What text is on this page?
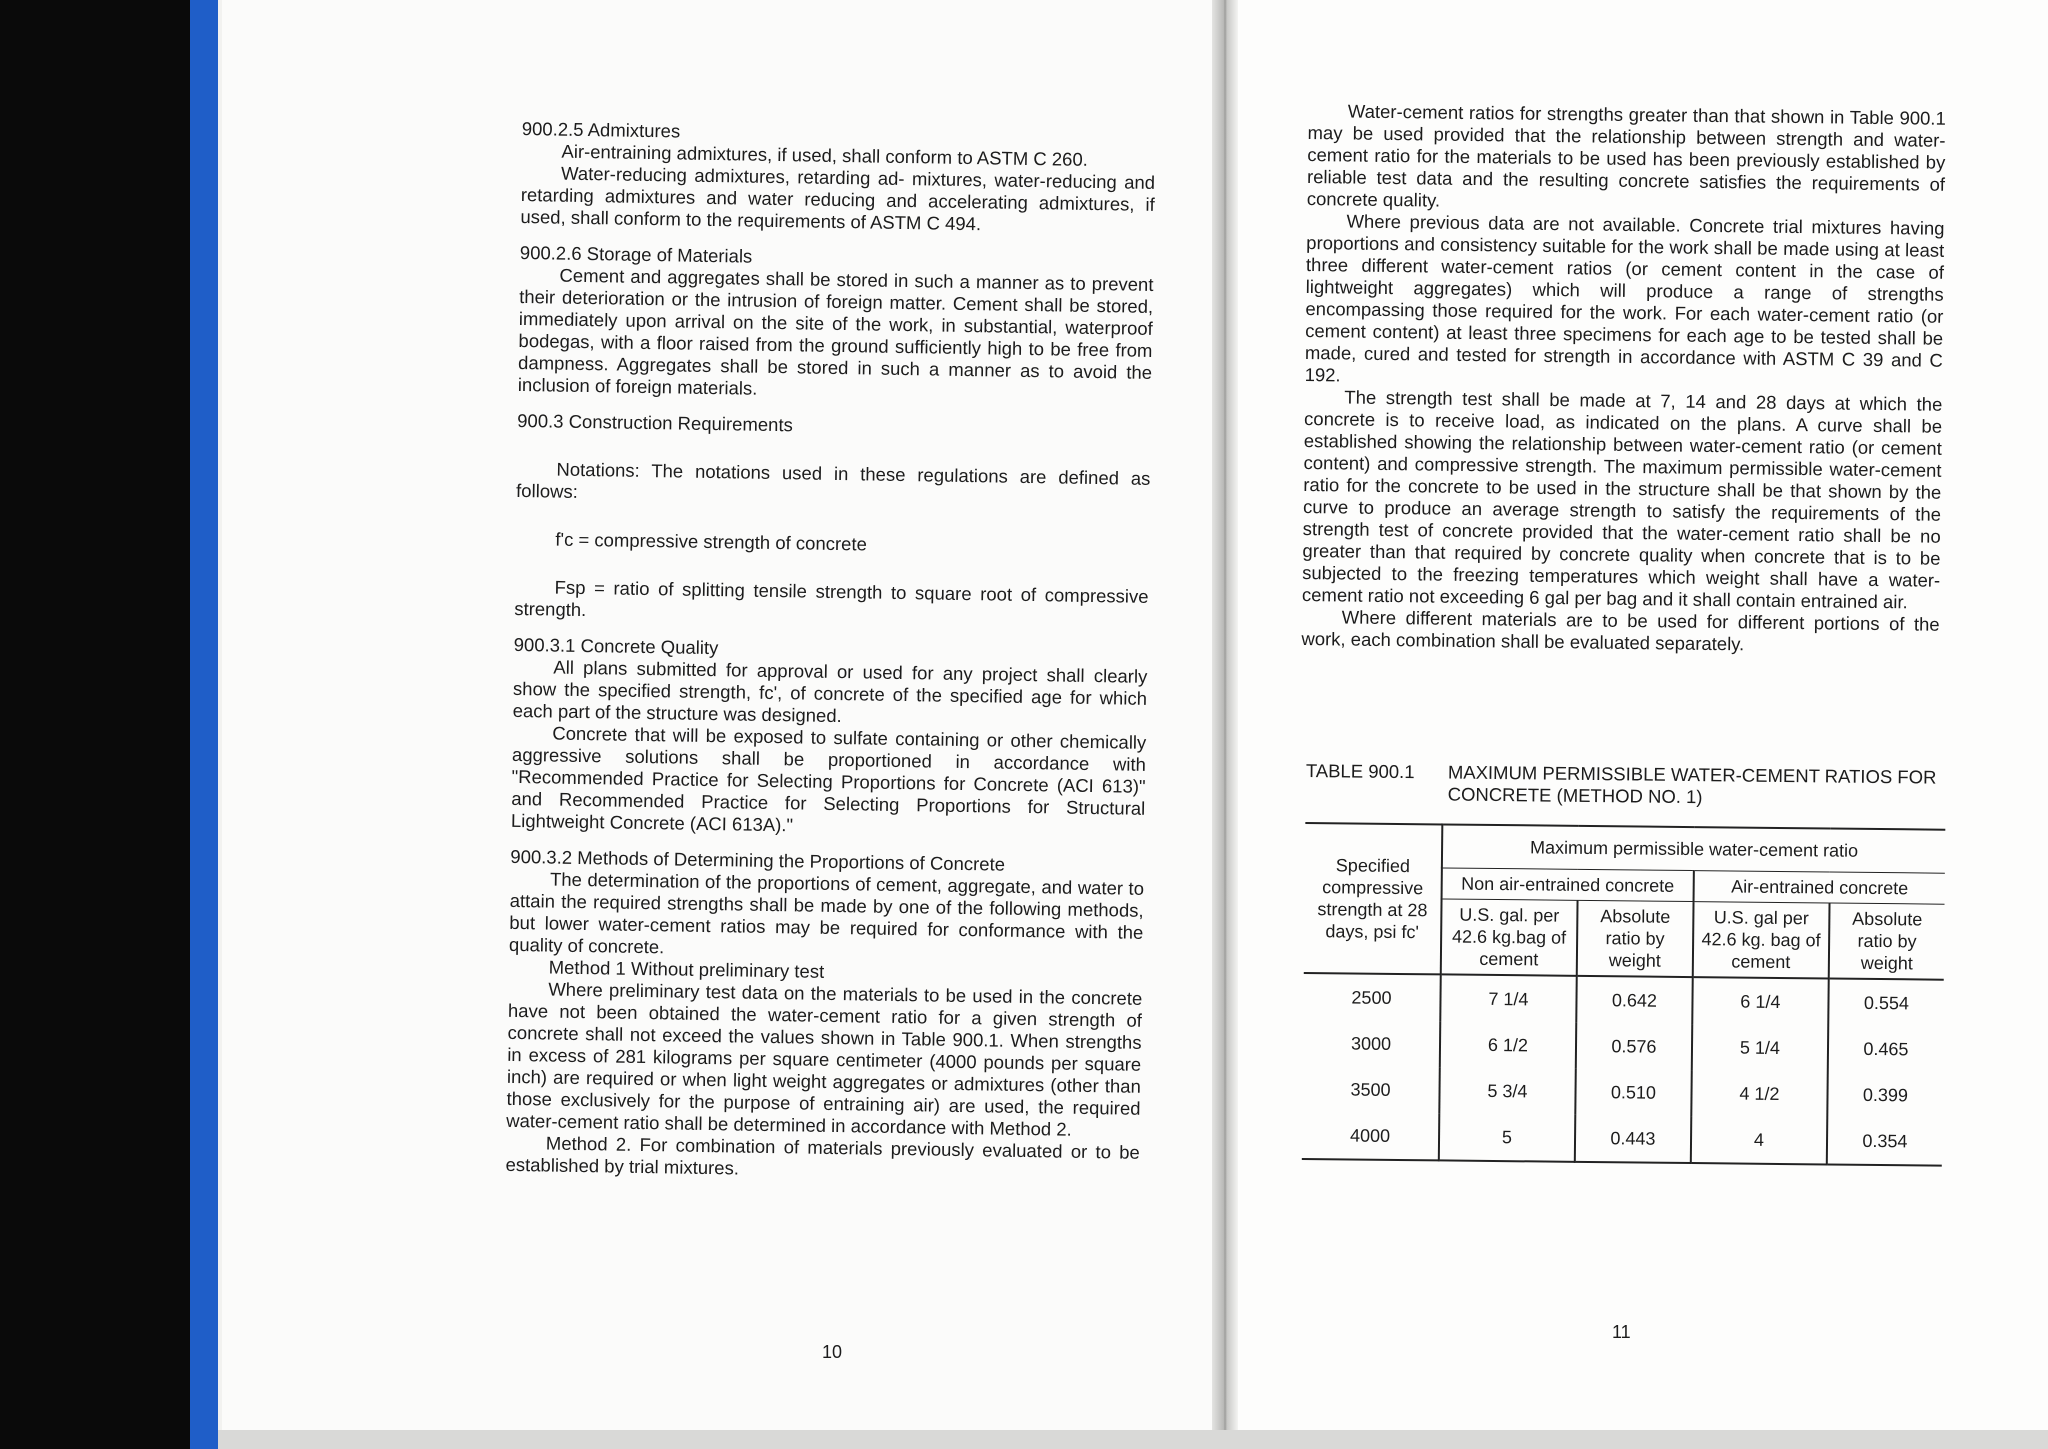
900.2.5 Admixtures

Air-entraining admixtures, if used, shall conform to ASTM C 260.

Water-reducing admixtures, retarding ad- mixtures, water-reducing and retarding admixtures and water reducing and accelerating admixtures, if used, shall conform to the requirements of ASTM C 494.

900.2.6 Storage of Materials

Cement and aggregates shall be stored in such a manner as to prevent their deterioration or the intrusion of foreign matter. Cement shall be stored, immediately upon arrival on the site of the work, in substantial, waterproof bodegas, with a floor raised from the ground sufficiently high to be free from dampness. Aggregates shall be stored in such a manner as to avoid the inclusion of foreign materials.

900.3 Construction Requirements

Notations: The notations used in these regulations are defined as follows:

f'c = compressive strength of concrete

Fsp = ratio of splitting tensile strength to square root of compressive strength.

900.3.1 Concrete Quality

All plans submitted for approval or used for any project shall clearly show the specified strength, fc', of concrete of the specified age for which each part of the structure was designed.

Concrete that will be exposed to sulfate containing or other chemically aggressive solutions shall be proportioned in accordance with "Recommended Practice for Selecting Proportions for Concrete (ACI 613)" and Recommended Practice for Selecting Proportions for Structural Lightweight Concrete (ACI 613A)."

900.3.2 Methods of Determining the Proportions of Concrete

The determination of the proportions of cement, aggregate, and water to attain the required strengths shall be made by one of the following methods, but lower water-cement ratios may be required for conformance with the quality of concrete.

Method 1 Without preliminary test

Where preliminary test data on the materials to be used in the concrete have not been obtained the water-cement ratio for a given strength of concrete shall not exceed the values shown in Table 900.1. When strengths in excess of 281 kilograms per square centimeter (4000 pounds per square inch) are required or when light weight aggregates or admixtures (other than those exclusively for the purpose of entraining air) are used, the required water-cement ratio shall be determined in accordance with Method 2.

Method 2. For combination of materials previously evaluated or to be established by trial mixtures.

10

Water-cement ratios for strengths greater than that shown in Table 900.1 may be used provided that the relationship between strength and water-cement ratio for the materials to be used has been previously established by reliable test data and the resulting concrete satisfies the requirements of concrete quality.

Where previous data are not available. Concrete trial mixtures having proportions and consistency suitable for the work shall be made using at least three different water-cement ratios (or cement content in the case of lightweight aggregates) which will produce a range of strengths encompassing those required for the work. For each water-cement ratio (or cement content) at least three specimens for each age to be tested shall be made, cured and tested for strength in accordance with ASTM C 39 and C 192.

The strength test shall be made at 7, 14 and 28 days at which the concrete is to receive load, as indicated on the plans. A curve shall be established showing the relationship between water-cement ratio (or cement content) and compressive strength. The maximum permissible water-cement ratio for the concrete to be used in the structure shall be that shown by the curve to produce an average strength to satisfy the requirements of the strength test of concrete provided that the water-cement ratio shall be no greater than that required by concrete quality when concrete that is to be subjected to the freezing temperatures which weight shall have a water-cement ratio not exceeding 6 gal per bag and it shall contain entrained air.

Where different materials are to be used for different portions of the work, each combination shall be evaluated separately.

TABLE 900.1	MAXIMUM PERMISSIBLE WATER-CEMENT RATIOS FOR CONCRETE (METHOD NO. 1)
Specified compressive strength at 28 days, psi fc'	Maximum permissible water-cement ratio			
	Non air-entrained concrete		Air-entrained concrete	
	U.S. gal. per 42.6 kg.bag of cement	Absolute ratio by weight	U.S. gal per 42.6 kg. bag of cement	Absolute ratio by weight
2500	7 1/4	0.642	6 1/4	0.554
3000	6 1/2	0.576	5 1/4	0.465
3500	5 3/4	0.510	4 1/2	0.399
4000	5	0.443	4	0.354
11
